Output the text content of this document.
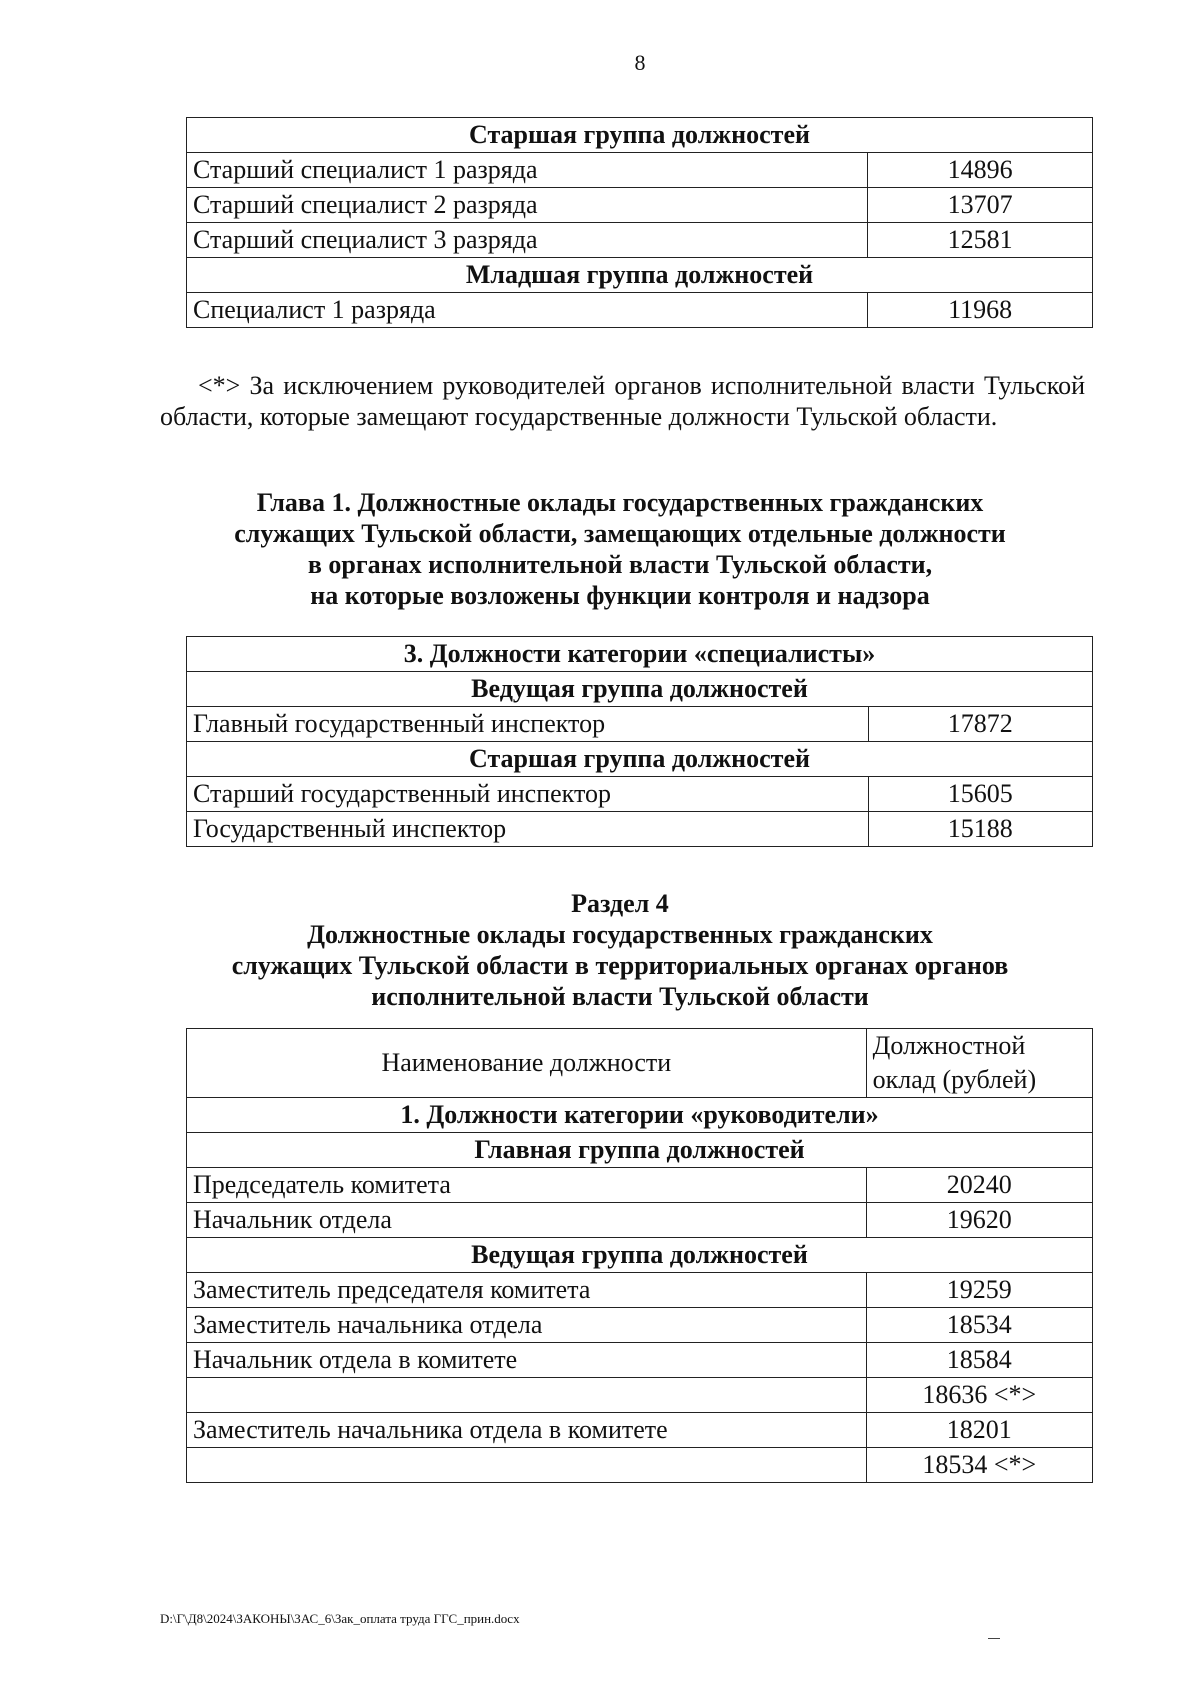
8
Старшая группа должностей	
Старший специалист 1 разряда	14896
Старший специалист 2 разряда	13707
Старший специалист 3 разряда	12581
Младшая группа должностей	
Специалист 1 разряда	11968

<*> За исключением руководителей органов исполнительной власти Тульской области, которые замещают государственные должности Тульской области.

Глава 1. Должностные оклады государственных гражданских
служащих Тульской области, замещающих отдельные должности
в органах исполнительной власти Тульской области,
на которые возложены функции контроля и надзора
3. Должности категории «специалисты»	
Ведущая группа должностей	
Главный государственный инспектор	17872
Старшая группа должностей	
Старший государственный инспектор	15605
Государственный инспектор	15188
Раздел 4
Должностные оклады государственных гражданских
служащих Тульской области в территориальных органах органов
исполнительной власти Тульской области
Наименование должности	Должностной оклад (рублей)
1. Должности категории «руководители»	
Главная группа должностей	
Председатель комитета	20240
Начальник отдела	19620
Ведущая группа должностей	
Заместитель председателя комитета	19259
Заместитель начальника отдела	18534
Начальник отдела в комитете	18584
	18636 <*>
Заместитель начальника отдела в комитете	18201
	18534 <*>
D:\Г\Д8\2024\ЗАКОНЫ\ЗАС_6\Зак_оплата труда ГГС_прин.docx
